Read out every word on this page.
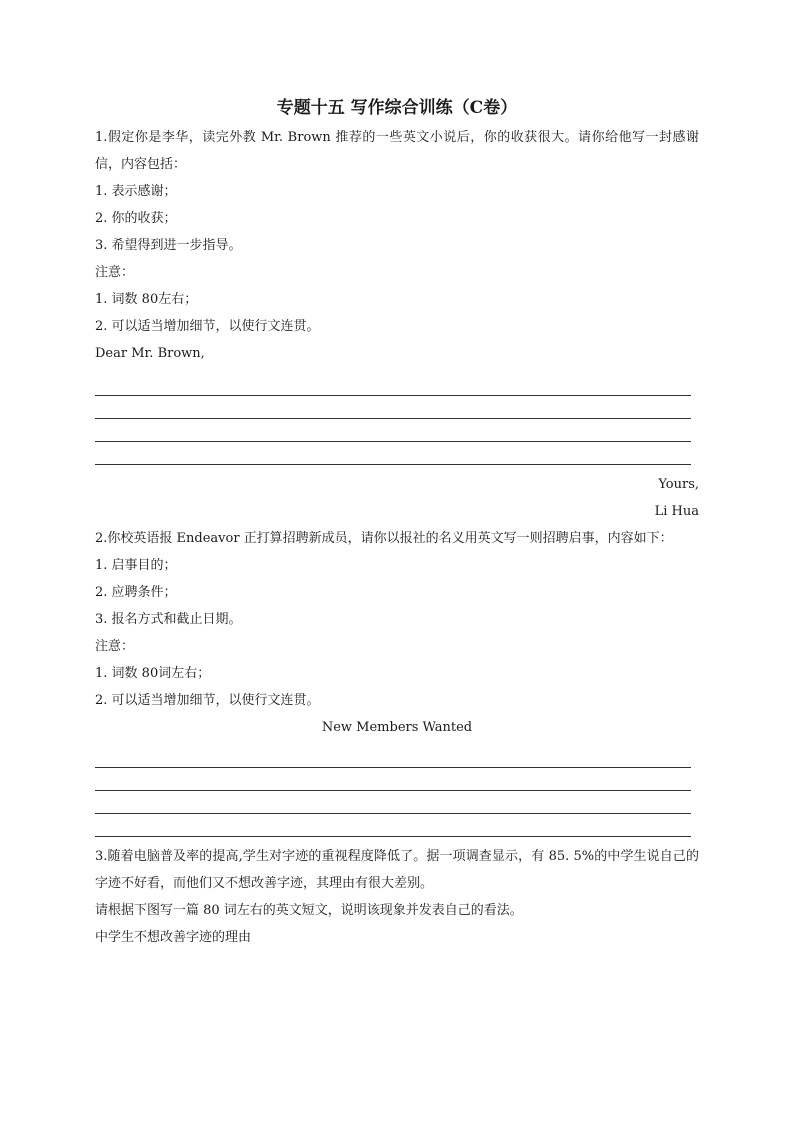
专题十五 写作综合训练（C卷）
1.假定你是李华，读完外教 Mr. Brown 推荐的一些英文小说后，你的收获很大。请你给他写一封感谢信，内容包括：
1. 表示感谢；
2. 你的收获；
3. 希望得到进一步指导。
注意：
1. 词数 80左右；
2. 可以适当增加细节，以使行文连贯。
Dear Mr. Brown,
Yours,
Li Hua
2.你校英语报 Endeavor 正打算招聘新成员，请你以报社的名义用英文写一则招聘启事，内容如下：
1. 启事目的；
2. 应聘条件；
3. 报名方式和截止日期。
注意：
1. 词数 80词左右；
2. 可以适当增加细节，以使行文连贯。
New Members Wanted
3.随着电脑普及率的提高,学生对字迹的重视程度降低了。据一项调查显示，有 85. 5%的中学生说自己的字迹不好看，而他们又不想改善字迹，其理由有很大差别。
请根据下图写一篇 80 词左右的英文短文，说明该现象并发表自己的看法。
中学生不想改善字迹的理由
